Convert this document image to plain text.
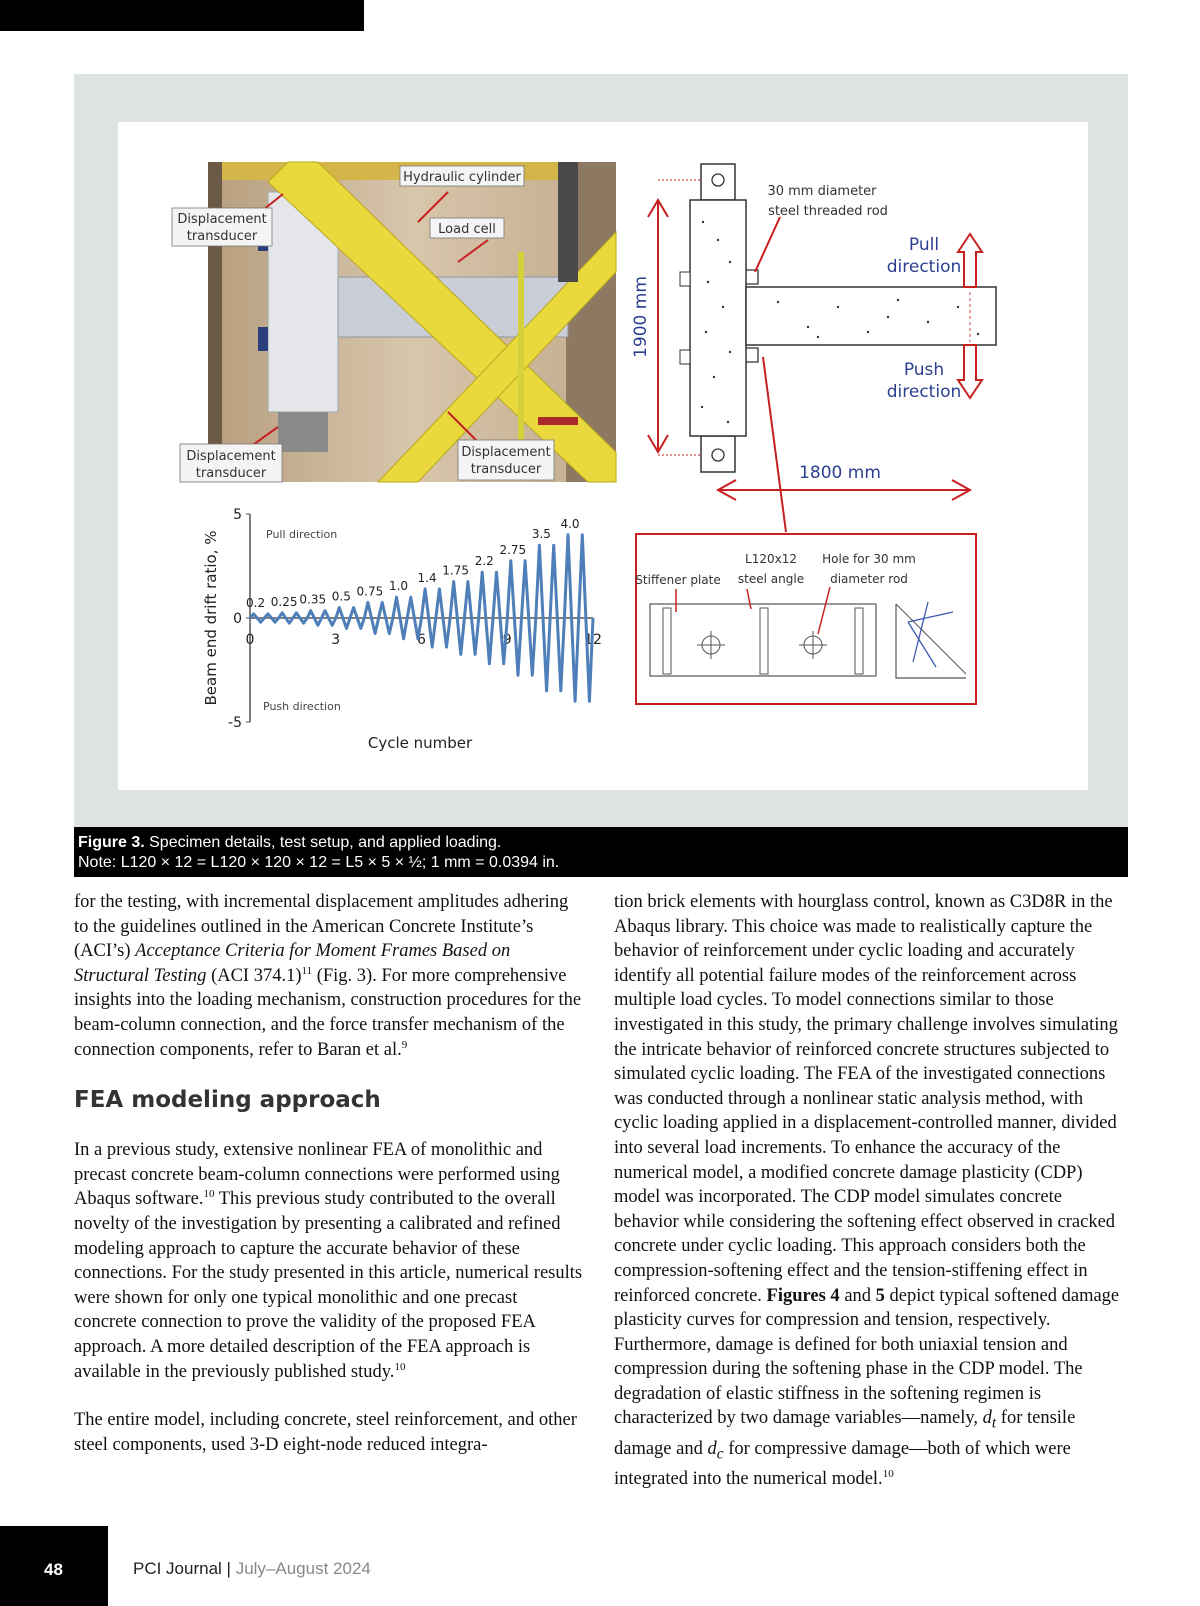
Hydraulic cylinder
Load cell
Displacement
transducer
Displacement
transducer
Displacement
transducer
30 mm diameter
steel threaded rod
Pull
direction
Push
direction
1900 mm
1800 mm
Stiffener plate
L120x12
steel angle
Hole for 30 mm
diameter rod
5
0
-5
0	3	6	9	12
0.2 0.25 0.35 0.5 0.75 1.0
1.4
1.75
2.2
2.75
3.5
4.0
Pull direction
Push direction
Cycle number
Beam end drift ratio, %
Figure 3. Specimen details, test setup, and applied loading.
Note: L120 × 12 = L120 × 120 × 12 = L5 × 5 × ½; 1 mm = 0.0394 in.

for the testing, with incremental displacement amplitudes adhering to the guidelines outlined in the American Concrete Institute’s (ACI’s) Acceptance Criteria for Moment Frames Based on Structural Testing (ACI 374.1)$^{11}$ (Fig. 3). For more comprehensive insights into the loading mechanism, construction procedures for the beam-column connection, and the force transfer mechanism of the connection components, refer to Baran et al.$^9$

FEA modeling approach

In a previous study, extensive nonlinear FEA of monolithic and precast concrete beam-column connections were performed using Abaqus software.$^{10}$ This previous study contributed to the overall novelty of the investigation by presenting a calibrated and refined modeling approach to capture the accurate behavior of these connections. For the study presented in this article, numerical results were shown for only one typical monolithic and one precast concrete connection to prove the validity of the proposed FEA approach. A more detailed description of the FEA approach is available in the previously published study.$^{10}$

The entire model, including concrete, steel reinforcement, and other steel components, used 3-D eight-node reduced integra-

tion brick elements with hourglass control, known as C3D8R in the Abaqus library. This choice was made to realistically capture the behavior of reinforcement under cyclic loading and accurately identify all potential failure modes of the reinforcement across multiple load cycles. To model connections similar to those investigated in this study, the primary challenge involves simulating the intricate behavior of reinforced concrete structures subjected to simulated cyclic loading. The FEA of the investigated connections was conducted through a nonlinear static analysis method, with cyclic loading applied in a displacement-controlled manner, divided into several load increments. To enhance the accuracy of the numerical model, a modified concrete damage plasticity (CDP) model was incorporated. The CDP model simulates concrete behavior while considering the softening effect observed in cracked concrete under cyclic loading. This approach considers both the compression-softening effect and the tension-stiffening effect in reinforced concrete. Figures 4 and 5 depict typical softened damage plasticity curves for compression and tension, respectively. Furthermore, damage is defined for both uniaxial tension and compression during the softening phase in the CDP model. The degradation of elastic stiffness in the softening regimen is characterized by two damage variables—namely, $d_t$ for tensile damage and $d_c$ for compressive damage—both of which were integrated into the numerical model.$^{10}$

48	PCI Journal | July–August 2024
